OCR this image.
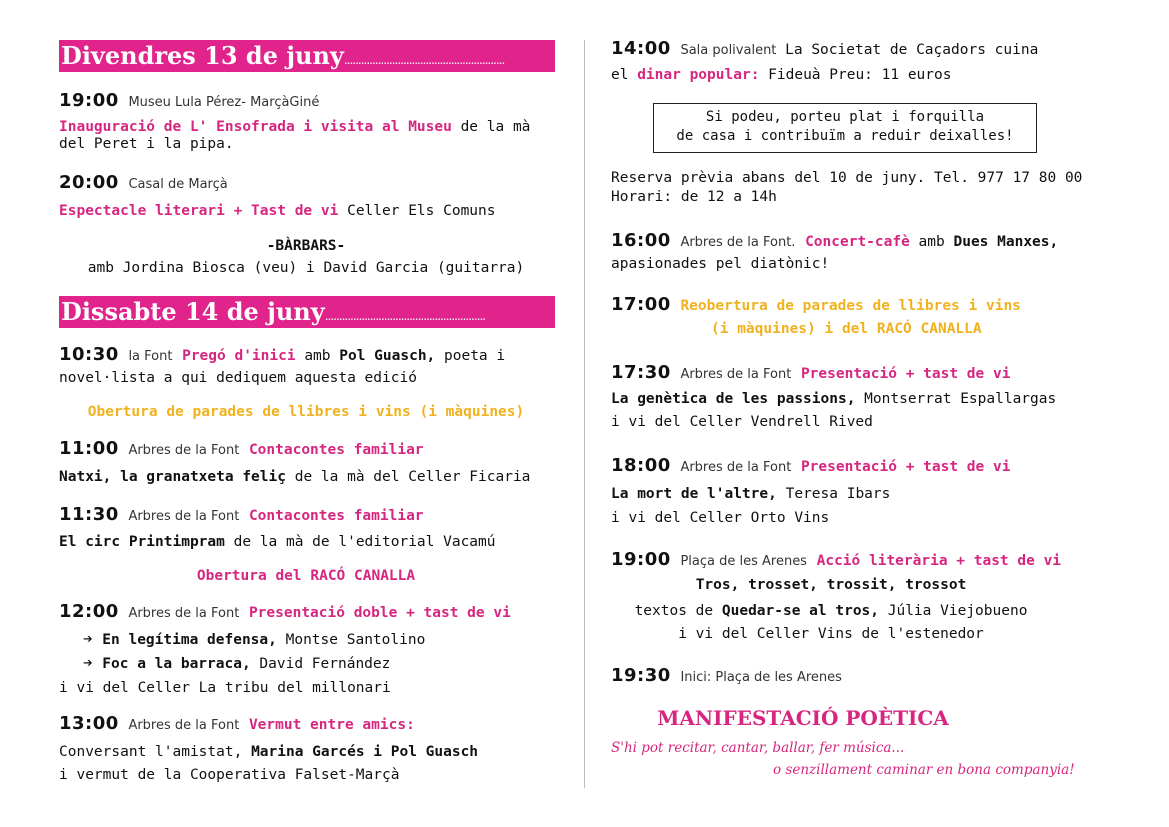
Divendres 13 de juny.........................................................
19:00 Museu Lula Pérez- MarçàGiné
Inauguració de L' Ensofrada i visita al Museu de la mà
del Peret i la pipa.
20:00 Casal de Marçà
Espectacle literari + Tast de vi Celler Els Comuns
-BÀRBARS-
amb Jordina Biosca (veu) i David Garcia (guitarra)
Dissabte 14 de juny.........................................................
10:30 la Font Pregó d'inici amb Pol Guasch, poeta i
novel·lista a qui dediquem aquesta edició
Obertura de parades de llibres i vins (i màquines)
11:00 Arbres de la Font Contacontes familiar
Natxi, la granatxeta feliç de la mà del Celler Ficaria
11:30 Arbres de la Font Contacontes familiar
El circ Printimpram de la mà de l'editorial Vacamú
Obertura del RACÓ CANALLA
12:00 Arbres de la Font Presentació doble + tast de vi
➔ En legítima defensa, Montse Santolino
➔ Foc a la barraca, David Fernández
i vi del Celler La tribu del millonari
13:00 Arbres de la Font Vermut entre amics:
Conversant l'amistat, Marina Garcés i Pol Guasch
i vermut de la Cooperativa Falset-Marçà
14:00 Sala polivalent La Societat de Caçadors cuina
el dinar popular: Fideuà Preu: 11 euros
Si podeu, porteu plat i forquilla
de casa i contribuïm a reduir deixalles!
Reserva prèvia abans del 10 de juny. Tel. 977 17 80 00
Horari: de 12 a 14h
16:00 Arbres de la Font. Concert-cafè amb Dues Manxes,
apasionades pel diatònic!
17:00 Reobertura de parades de llibres i vins
(i màquines) i del RACÓ CANALLA
17:30 Arbres de la Font Presentació + tast de vi
La genètica de les passions, Montserrat Espallargas
i vi del Celler Vendrell Rived
18:00 Arbres de la Font Presentació + tast de vi
La mort de l'altre, Teresa Ibars
i vi del Celler Orto Vins
19:00 Plaça de les Arenes Acció literària + tast de vi
Tros, trosset, trossit, trossot
textos de Quedar-se al tros, Júlia Viejobueno
i vi del Celler Vins de l'estenedor
19:30 Inici: Plaça de les Arenes
MANIFESTACIÓ POÈTICA
S'hi pot recitar, cantar, ballar, fer música...
o senzillament caminar en bona companyia!
